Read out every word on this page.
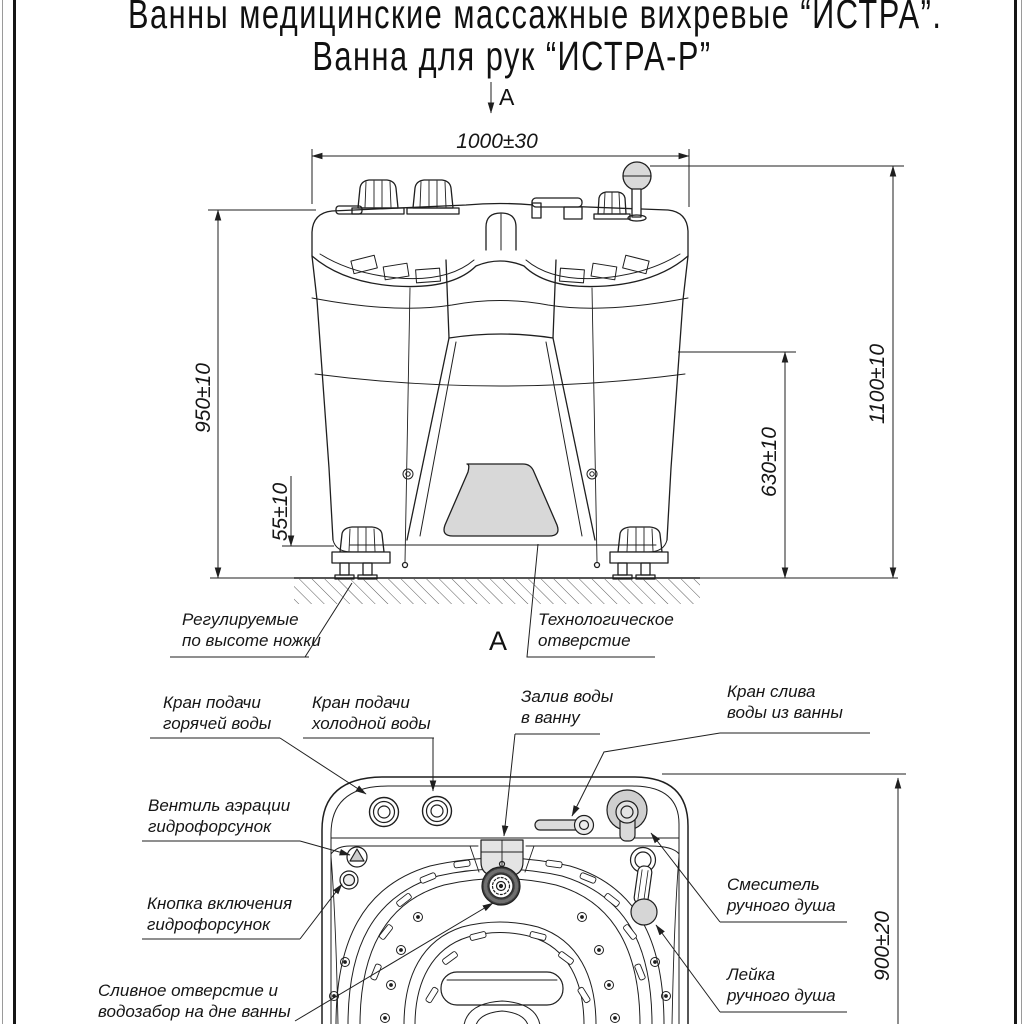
Ванны медицинские массажные вихревые “ИСТРА”.
Ванна для рук “ИСТРА-Р”
А
А
1000±30
950±10
55±10
630±10
1100±10
900±20
Регулируемые
по высоте ножки
Технологическое
отверстие
Кран подачи
горячей воды
Кран подачи
холодной воды
Залив воды
в ванну
Кран слива
воды из ванны
Вентиль аэрации
гидрофорсунок
Кнопка включения
гидрофорсунок
Смеситель
ручного душа
Лейка
ручного душа
Сливное отверстие и
водозабор на дне ванны
